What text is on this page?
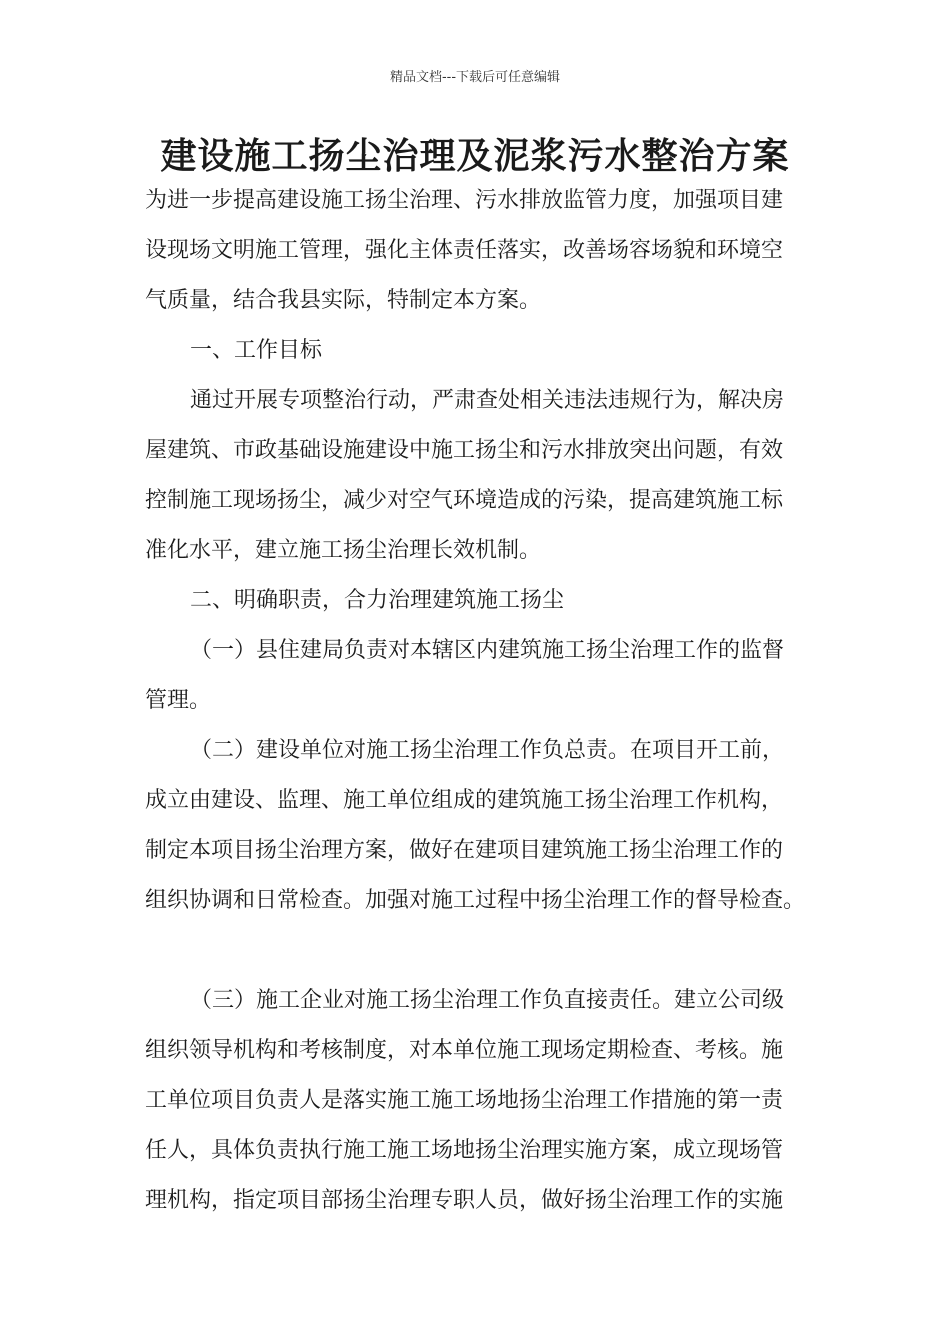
精品文档---下载后可任意编辑
建设施工扬尘治理及泥浆污水整治方案
为进一步提高建设施工扬尘治理、污水排放监管力度，加强项目建
设现场文明施工管理，强化主体责任落实，改善场容场貌和环境空
气质量，结合我县实际，特制定本方案。
一、工作目标
通过开展专项整治行动，严肃查处相关违法违规行为，解决房
屋建筑、市政基础设施建设中施工扬尘和污水排放突出问题，有效
控制施工现场扬尘，减少对空气环境造成的污染，提高建筑施工标
准化水平，建立施工扬尘治理长效机制。
二、明确职责，合力治理建筑施工扬尘
（一）县住建局负责对本辖区内建筑施工扬尘治理工作的监督
管理。
（二）建设单位对施工扬尘治理工作负总责。在项目开工前，
成立由建设、监理、施工单位组成的建筑施工扬尘治理工作机构，
制定本项目扬尘治理方案，做好在建项目建筑施工扬尘治理工作的
组织协调和日常检查。加强对施工过程中扬尘治理工作的督导检查。
（三）施工企业对施工扬尘治理工作负直接责任。建立公司级
组织领导机构和考核制度，对本单位施工现场定期检查、考核。施
工单位项目负责人是落实施工施工场地扬尘治理工作措施的第一责
任人，具体负责执行施工施工场地扬尘治理实施方案，成立现场管
理机构，指定项目部扬尘治理专职人员，做好扬尘治理工作的实施
